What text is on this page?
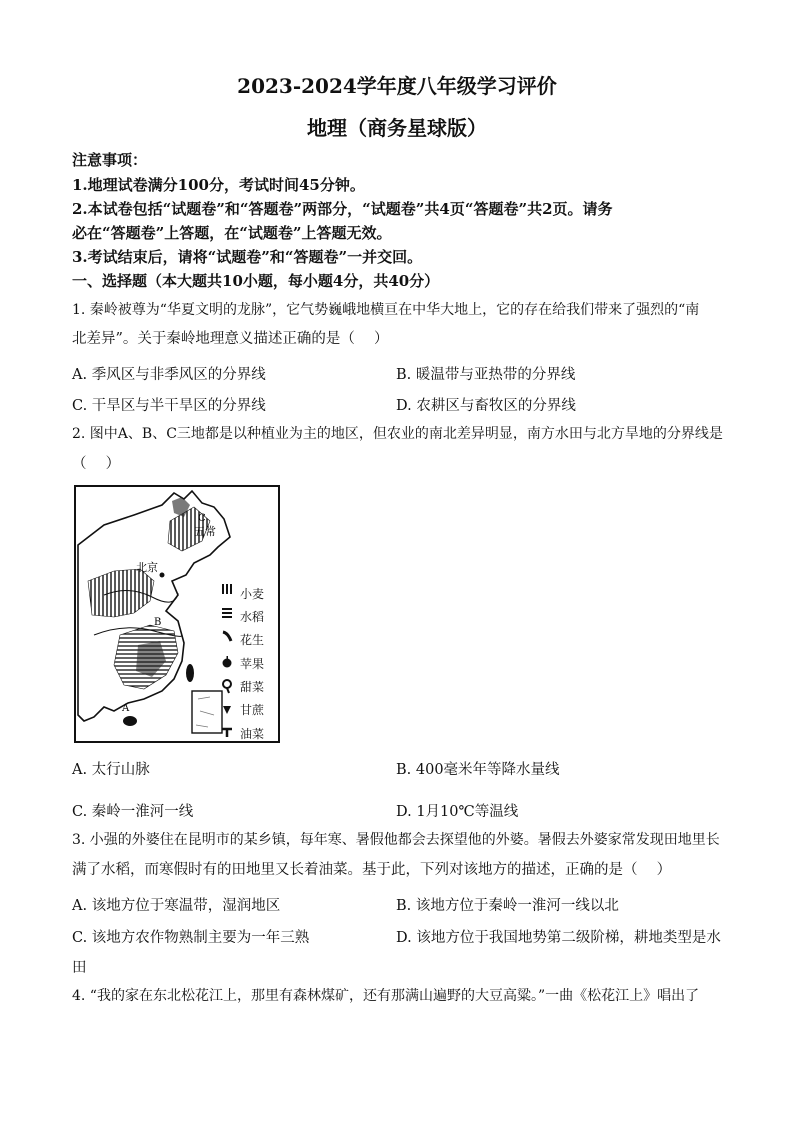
2023-2024学年度八年级学习评价
地理（商务星球版）
注意事项：
1.地理试卷满分100分，考试时间45分钟。
2.本试卷包括“试题卷”和“答题卷”两部分，“试题卷”共4页“答题卷”共2页。请务
必在“答题卷”上答题，在“试题卷”上答题无效。
3.考试结束后，请将“试题卷”和“答题卷”一并交回。
一、选择题（本大题共10小题，每小题4分，共40分）
1. 秦岭被尊为“华夏文明的龙脉”，它气势巍峨地横亘在中华大地上，它的存在给我们带来了强烈的“南
北差异”。关于秦岭地理意义描述正确的是（　 ）
A. 季风区与非季风区的分界线	B. 暖温带与亚热带的分界线
C. 干旱区与半干旱区的分界线	D. 农耕区与畜牧区的分界线
2. 图中A、B、C三地都是以种植业为主的地区，但农业的南北差异明显，南方水田与北方旱地的分界线是
（　 ）
北京
五常
C
B
A
小麦
水稻
花生
苹果
甜菜
甘蔗
油菜
A. 太行山脉	B. 400毫米年等降水量线
C. 秦岭一淮河一线	D. 1月10℃等温线
3. 小强的外婆住在昆明市的某乡镇，每年寒、暑假他都会去探望他的外婆。暑假去外婆家常发现田地里长
满了水稻，而寒假时有的田地里又长着油菜。基于此，下列对该地方的描述，正确的是（　 ）
A. 该地方位于寒温带，湿润地区	B. 该地方位于秦岭一淮河一线以北
C. 该地方农作物熟制主要为一年三熟	D. 该地方位于我国地势第二级阶梯，耕地类型是水
田
4. “我的家在东北松花江上，那里有森林煤矿，还有那满山遍野的大豆高粱。”一曲《松花江上》唱出了
